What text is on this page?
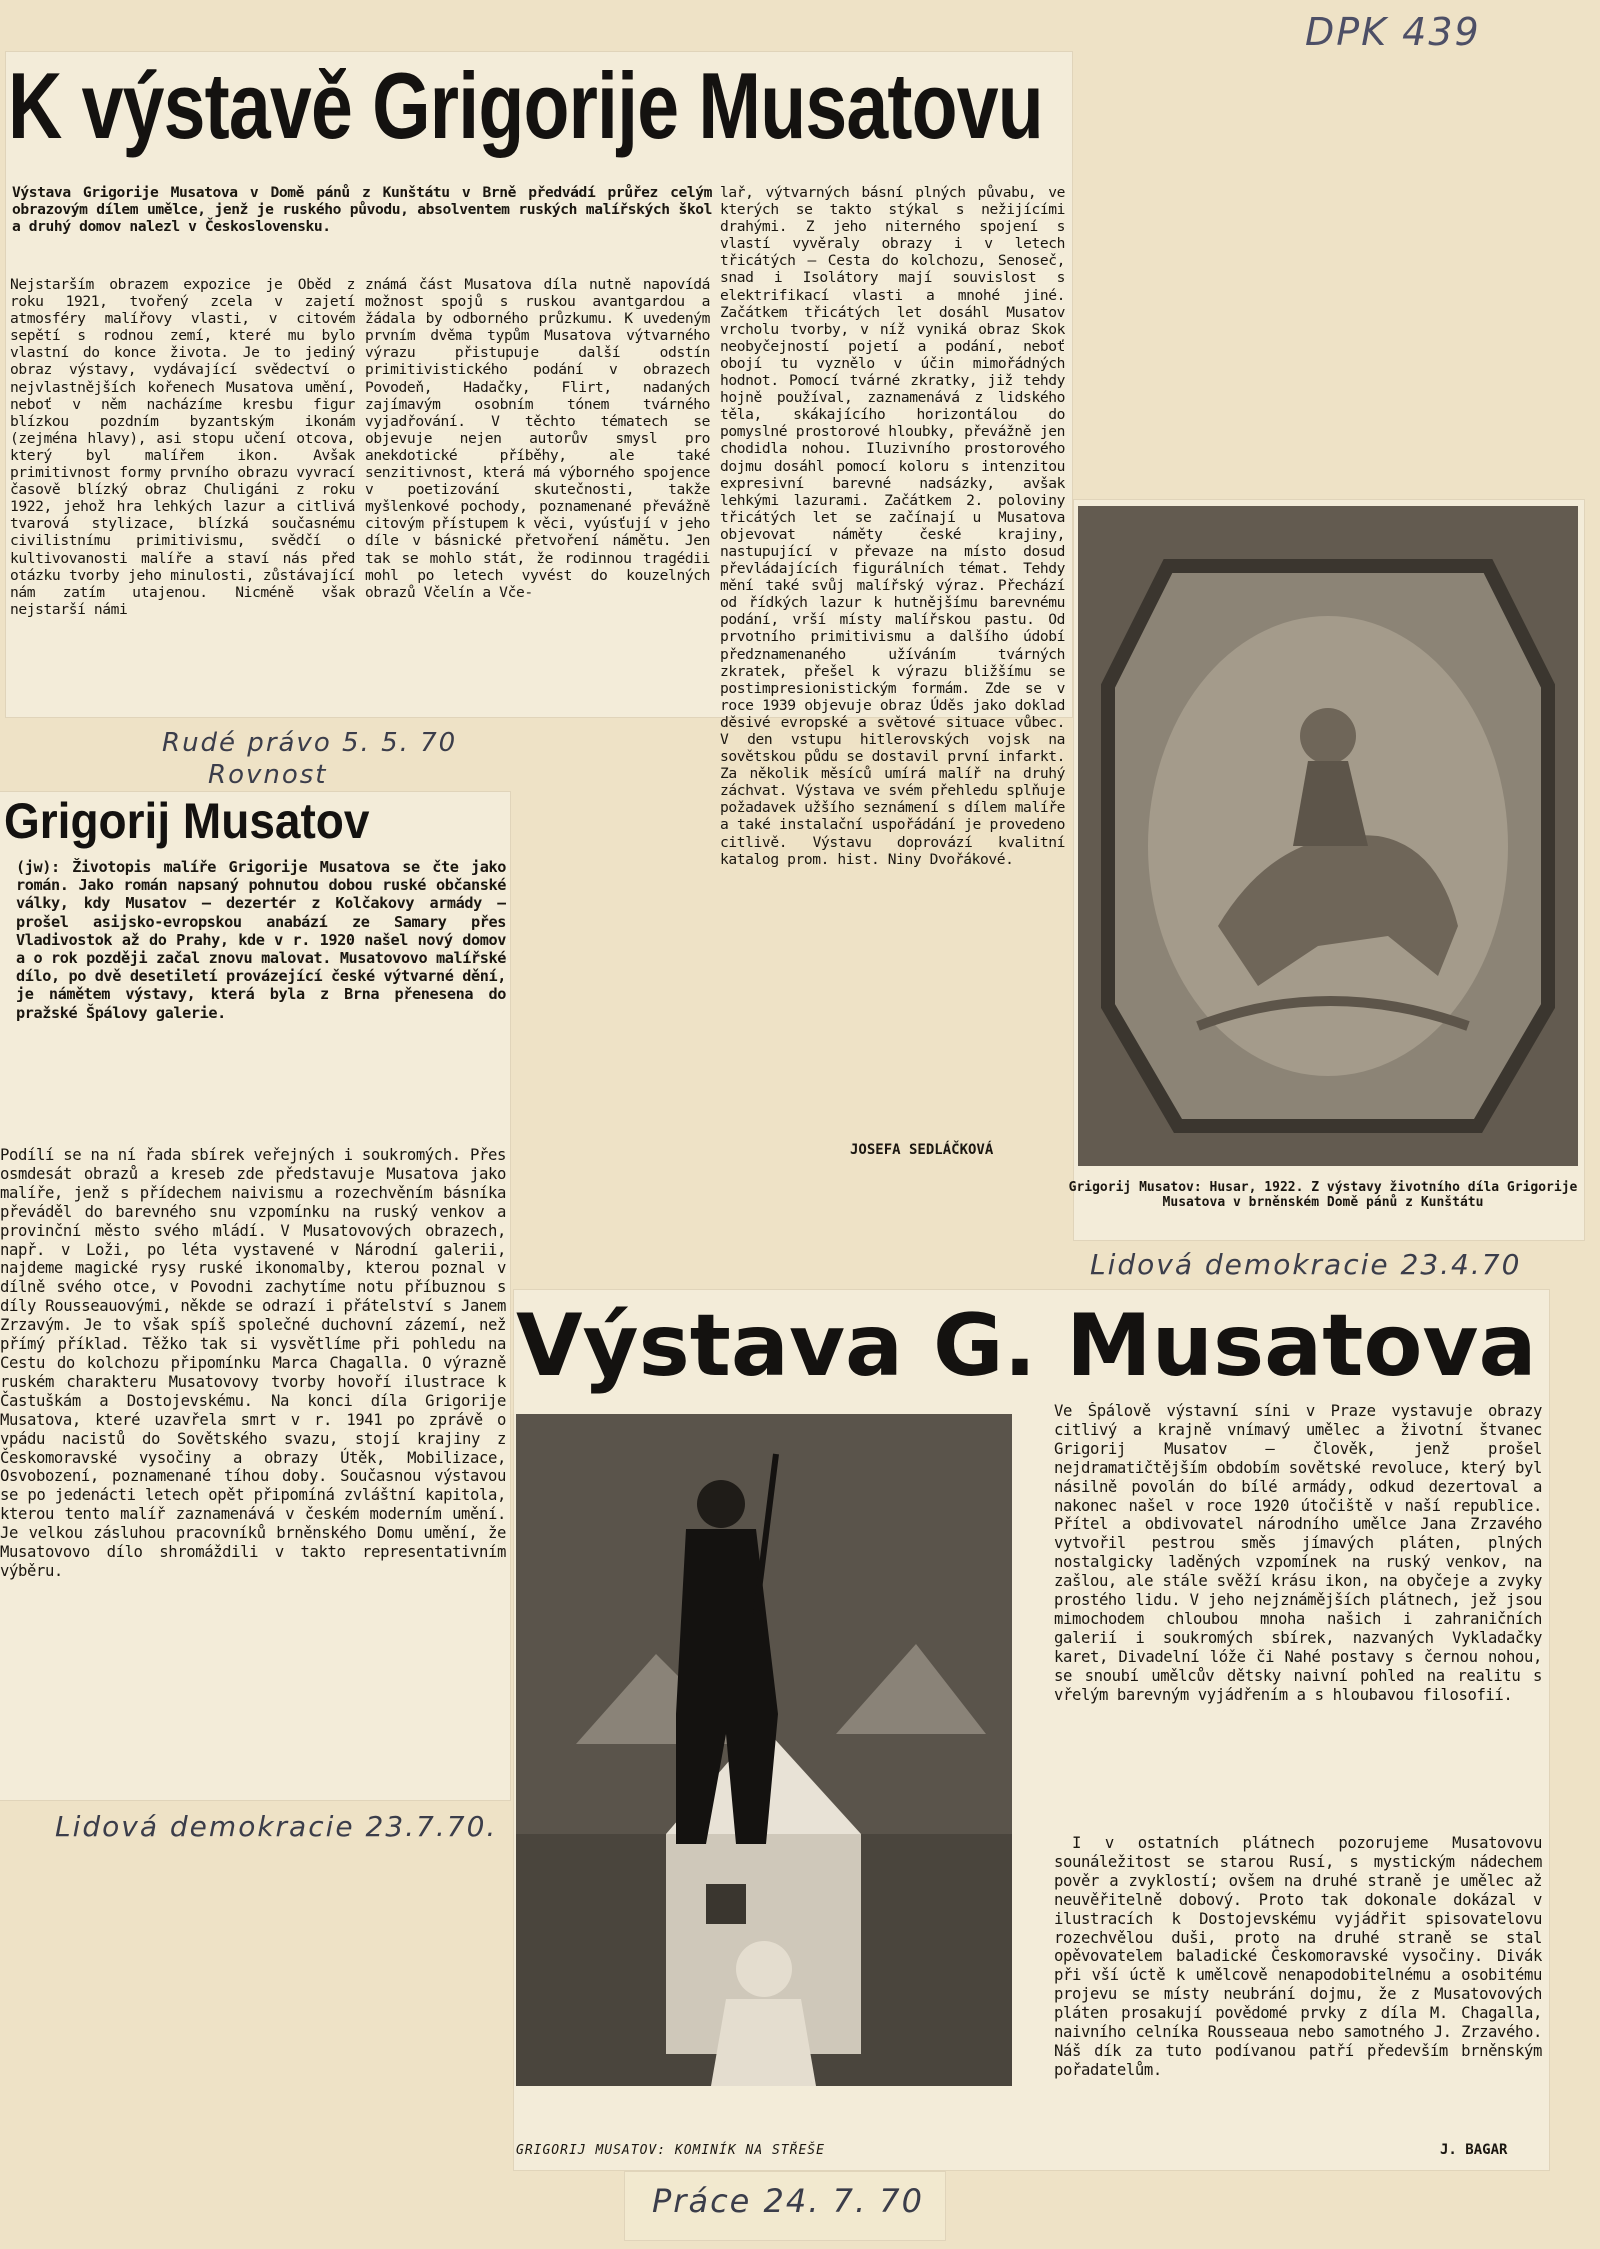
DPK 439
K výstavě Grigorije Musatovu
Výstava Grigorije Musatova v Domě pánů z Kunštátu v Brně předvádí průřez celým obrazovým dílem umělce, jenž je ruského původu, absolventem ruských malířských škol a druhý domov nalezl v Československu.
Nejstarším obrazem expozice je Oběd z roku 1921, tvořený zcela v zajetí atmosféry malířovy vlasti, v citovém sepětí s rodnou zemí, které mu bylo vlastní do konce života. Je to jediný obraz výstavy, vydávající svědectví o nejvlastnějších kořenech Musatova umění, neboť v něm nacházíme kresbu figur blízkou pozdním byzantským ikonám (zejména hlavy), asi stopu učení otcova, který byl malířem ikon. Avšak primitivnost formy prvního obrazu vyvrací časově blízký obraz Chuligáni z roku 1922, jehož hra lehkých lazur a citlivá tvarová stylizace, blízká současnému civilistnímu primitivismu, svědčí o kultivovanosti malíře a staví nás před otázku tvorby jeho minulosti, zůstávající nám zatím utajenou. Nicméně však nejstarší námi
známá část Musatova díla nutně napovídá možnost spojů s ruskou avantgardou a žádala by odborného průzkumu. K uvedeným prvním dvěma typům Musatova výtvarného výrazu přistupuje další odstín primitivistického podání v obrazech Povodeň, Hadačky, Flirt, nadaných zajímavým osobním tónem tvárného vyjadřování. V těchto tématech se objevuje nejen autorův smysl pro anekdotické příběhy, ale také senzitivnost, která má výborného spojence v poetizování skutečnosti, takže myšlenkové pochody, poznamenané převážně citovým přístupem k věci, vyúsťují v jeho díle v básnické přetvoření námětu. Jen tak se mohlo stát, že rodinnou tragédii mohl po letech vyvést do kouzelných obrazů Včelín a Vče-
lař, výtvarných básní plných půvabu, ve kterých se takto stýkal s nežijícími drahými. Z jeho niterného spojení s vlastí vyvěraly obrazy i v letech třicátých — Cesta do kolchozu, Senoseč, snad i Isolátory mají souvislost s elektrifikací vlasti a mnohé jiné. Začátkem třicátých let dosáhl Musatov vrcholu tvorby, v níž vyniká obraz Skok neobyčejností pojetí a podání, neboť obojí tu vyznělo v účin mimořádných hodnot. Pomocí tvárné zkratky, již tehdy hojně používal, zaznamenává z lidského těla, skákajícího horizontálou do pomyslné prostorové hloubky, převážně jen chodidla nohou. Iluzivního prostorového dojmu dosáhl pomocí koloru s intenzitou expresivní barevné nadsázky, avšak lehkými lazurami. Začátkem 2. poloviny třicátých let se začínají u Musatova objevovat náměty české krajiny, nastupující v převaze na místo dosud převládajících figurálních témat. Tehdy mění také svůj malířský výraz. Přechází od řídkých lazur k hutnějšímu barevnému podání, vrší místy malířskou pastu. Od prvotního primitivismu a dalšího údobí předznamenaného užíváním tvárných zkratek, přešel k výrazu bližšímu se postimpresionistickým formám. Zde se v roce 1939 objevuje obraz Úděs jako doklad děsivé evropské a světové situace vůbec. V den vstupu hitlerovských vojsk na sovětskou půdu se dostavil první infarkt. Za několik měsíců umírá malíř na druhý záchvat. Výstava ve svém přehledu splňuje požadavek užšího seznámení s dílem malíře a také instalační uspořádání je provedeno citlivě. Výstavu doprovází kvalitní katalog prom. hist. Niny Dvořákové.
JOSEFA SEDLÁČKOVÁ
Rudé právo 5. 5. 70
Rovnost
Grigorij Musatov: Husar, 1922. Z výstavy životního díla Grigorije Musatova v brněnském Domě pánů z Kunštátu
Lidová demokracie 23.4.70
Grigorij Musatov
(jw): Životopis malíře Grigorije Musatova se čte jako román. Jako román napsaný pohnutou dobou ruské občanské války, kdy Musatov — dezertér z Kolčakovy armády — prošel asijsko-evropskou anabází ze Samary přes Vladivostok až do Prahy, kde v r. 1920 našel nový domov a o rok později začal znovu malovat. Musatovovo malířské dílo, po dvě desetiletí provázející české výtvarné dění, je námětem výstavy, která byla z Brna přenesena do pražské Špálovy galerie.
Podílí se na ní řada sbírek veřejných i soukromých. Přes osmdesát obrazů a kreseb zde představuje Musatova jako malíře, jenž s přídechem naivismu a rozechvěním básníka převáděl do barevného snu vzpomínku na ruský venkov a provinční město svého mládí. V Musatovových obrazech, např. v Loži, po léta vystavené v Národní galerii, najdeme magické rysy ruské ikonomalby, kterou poznal v dílně svého otce, v Povodni zachytíme notu příbuznou s díly Rousseauovými, někde se odrazí i přátelství s Janem Zrzavým. Je to však spíš společné duchovní zázemí, než přímý příklad. Těžko tak si vysvětlíme při pohledu na Cestu do kolchozu připomínku Marca Chagalla. O výrazně ruském charakteru Musatovovy tvorby hovoří ilustrace k Častuškám a Dostojevskému. Na konci díla Grigorije Musatova, které uzavřela smrt v r. 1941 po zprávě o vpádu nacistů do Sovětského svazu, stojí krajiny z Českomoravské vysočiny a obrazy Útěk, Mobilizace, Osvobození, poznamenané tíhou doby. Současnou výstavou se po jedenácti letech opět připomíná zvláštní kapitola, kterou tento malíř zaznamenává v českém moderním umění. Je velkou zásluhou pracovníků brněnského Domu umění, že Musatovovo dílo shromáždili v takto representativním výběru.
Lidová demokracie 23.7.70.
Výstava G. Musatova
GRIGORIJ MUSATOV: KOMINÍK NA STŘEŠE
Ve Špálově výstavní síni v Praze vystavuje obrazy citlivý a krajně vnímavý umělec a životní štvanec Grigorij Musatov — člověk, jenž prošel nejdramatičtějším obdobím sovětské revoluce, který byl násilně povolán do bílé armády, odkud dezertoval a nakonec našel v roce 1920 útočiště v naší republice. Přítel a obdivovatel národního umělce Jana Zrzavého vytvořil pestrou směs jímavých pláten, plných nostalgicky laděných vzpomínek na ruský venkov, na zašlou, ale stále svěží krásu ikon, na obyčeje a zvyky prostého lidu. V jeho nejznámějších plátnech, jež jsou mimochodem chloubou mnoha našich i zahraničních galerií i soukromých sbírek, nazvaných Vykladačky karet, Divadelní lóže či Nahé postavy s černou nohou, se snoubí umělcův dětsky naivní pohled na realitu s vřelým barevným vyjádřením a s hloubavou filosofií.
I v ostatních plátnech pozorujeme Musatovovu sounáležitost se starou Rusí, s mystickým nádechem pověr a zvyklostí; ovšem na druhé straně je umělec až neuvěřitelně dobový. Proto tak dokonale dokázal v ilustracích k Dostojevskému vyjádřit spisovatelovu rozechvělou duši, proto na druhé straně se stal opěvovatelem baladické Českomoravské vysočiny. Divák při vší úctě k umělcově nenapodobitelnému a osobitému projevu se místy neubrání dojmu, že z Musatovových pláten prosakují povědomé prvky z díla M. Chagalla, naivního celníka Rousseaua nebo samotného J. Zrzavého. Náš dík za tuto podívanou patří především brněnským pořadatelům.
J. BAGAR
Práce 24. 7. 70
